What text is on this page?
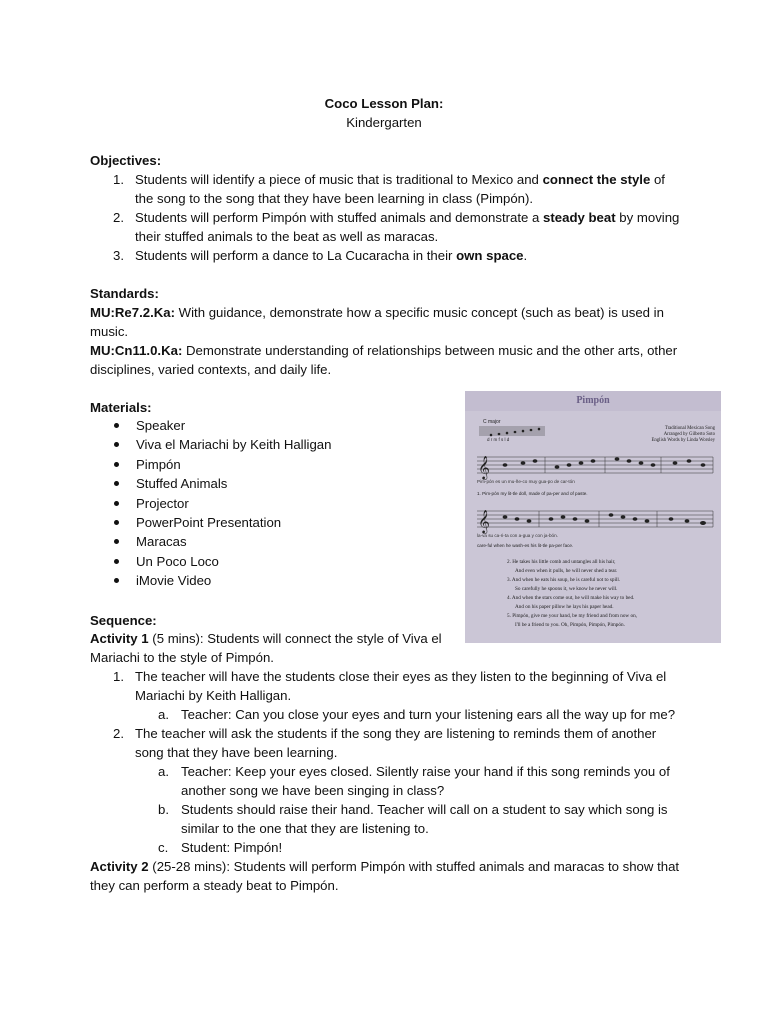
Coco Lesson Plan:
Kindergarten
Objectives:
1. Students will identify a piece of music that is traditional to Mexico and connect the style of the song to the song that they have been learning in class (Pimpón).
2. Students will perform Pimpón with stuffed animals and demonstrate a steady beat by moving their stuffed animals to the beat as well as maracas.
3. Students will perform a dance to La Cucaracha in their own space.
Standards:
MU:Re7.2.Ka: With guidance, demonstrate how a specific music concept (such as beat) is used in music.
MU:Cn11.0.Ka: Demonstrate understanding of relationships between music and the other arts, other disciplines, varied contexts, and daily life.
Materials:
Speaker
Viva el Mariachi by Keith Halligan
Pimpón
Stuffed Animals
Projector
PowerPoint Presentation
Maracas
Un Poco Loco
iMovie Video
Pimpón
C major
d r m f s l d
Traditional Mexican Song
Arranged by Gilberto Soto
English Words by Linda Worsley
𝄞
Pim-pón es un mu-ñe-co muy gua-po de car-tón
1. Pim-pón my lit-tle doll, made of pa-per and of paste.
𝄞
la-va su ca-ri-ta con a-gua y con ja-bón.
care-ful when he wash-es his lit-tle pa-per face.
2. He takes his little comb and untangles all his hair,
And even when it pulls, he will never shed a tear.
3. And when he eats his soup, he is careful not to spill.
So carefully he spoons it, we know he never will.
4. And when the stars come out, he will make his way to bed.
And on his paper pillow he lays his paper head.
5. Pimpón, give me your hand, be my friend and from now on,
I'll be a friend to you. Oh, Pimpón, Pimpón, Pimpón.
Sequence:
Activity 1 (5 mins): Students will connect the style of Viva el Mariachi to the style of Pimpón.
1. The teacher will have the students close their eyes as they listen to the beginning of Viva el Mariachi by Keith Halligan.
a. Teacher: Can you close your eyes and turn your listening ears all the way up for me?
2. The teacher will ask the students if the song they are listening to reminds them of another song that they have been learning.
a. Teacher: Keep your eyes closed. Silently raise your hand if this song reminds you of another song we have been singing in class?
b. Students should raise their hand. Teacher will call on a student to say which song is similar to the one that they are listening to.
c. Student: Pimpón!
Activity 2 (25-28 mins): Students will perform Pimpón with stuffed animals and maracas to show that they can perform a steady beat to Pimpón.
